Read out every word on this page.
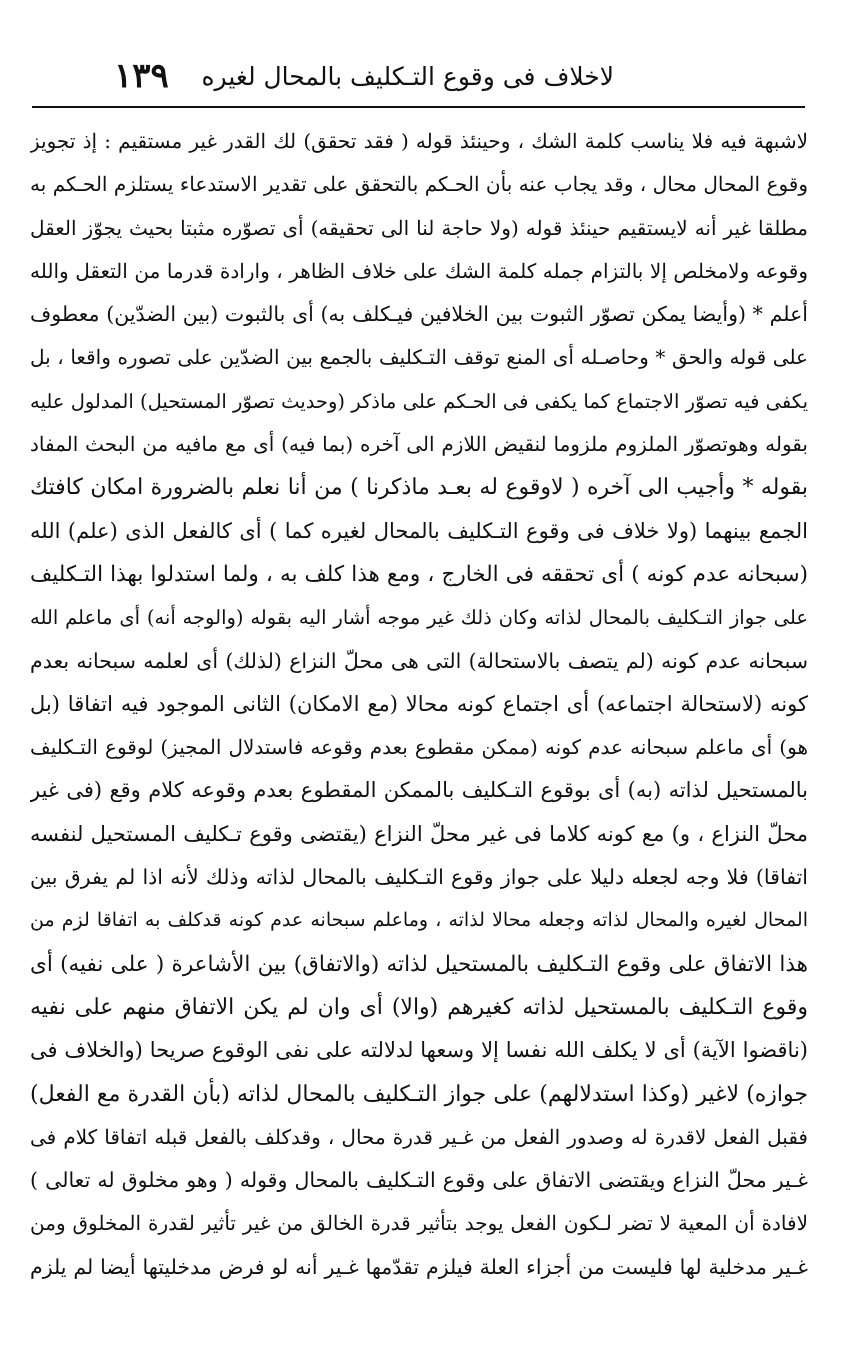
لاخلاف فى وقوع التـكليف بالمحال لغيره
١٣٩
لاشبهة فيه فلا يناسب كلمة الشك ، وحينئذ قوله ( فقد تحقق) لك القدر غير مستقيم : إذ تجويز
وقوع المحال محال ، وقد يجاب عنه بأن الحـكم بالتحقق على تقدير الاستدعاء يستلزم الحـكم به
مطلقا غير أنه لايستقيم حينئذ قوله (ولا حاجة لنا الى تحقيقه) أى تصوّره مثبتا بحيث يجوّز العقل
وقوعه ولامخلص إلا بالتزام جمله كلمة الشك على خلاف الظاهر ، وارادة قدرما من التعقل والله
أعلم * (وأيضا يمكن تصوّر الثبوت بين الخلافين فيـكلف به) أى بالثبوت (بين الضدّين) معطوف
على قوله والحق * وحاصـله أى المنع توقف التـكليف بالجمع بين الضدّين على تصوره واقعا ، بل
يكفى فيه تصوّر الاجتماع كما يكفى فى الحـكم على ماذكر (وحديث تصوّر المستحيل) المدلول عليه
بقوله وهوتصوّر الملزوم ملزوما لنقيض اللازم الى آخره (بما فيه) أى مع مافيه من البحث المفاد
بقوله * وأجيب الى آخره ( لاوقوع له بعـد ماذكرنا ) من أنا نعلم بالضرورة امكان كافتك
الجمع بينهما (ولا خلاف فى وقوع التـكليف بالمحال لغيره كما ) أى كالفعل الذى (علم) الله
(سبحانه عدم كونه ) أى تحققه فى الخارج ، ومع هذا كلف به ، ولما استدلوا بهذا التـكليف
على جواز التـكليف بالمحال لذاته وكان ذلك غير موجه أشار اليه بقوله (والوجه أنه) أى ماعلم الله
سبحانه عدم كونه (لم يتصف بالاستحالة) التى هى محلّ النزاع (لذلك) أى لعلمه سبحانه بعدم
كونه (لاستحالة اجتماعه) أى اجتماع كونه محالا (مع الامكان) الثانى الموجود فيه اتفاقا (بل
هو) أى ماعلم سبحانه عدم كونه (ممكن مقطوع بعدم وقوعه فاستدلال المجيز) لوقوع التـكليف
بالمستحيل لذاته (به) أى بوقوع التـكليف بالممكن المقطوع بعدم وقوعه كلام وقع (فى غير
محلّ النزاع ، و) مع كونه كلاما فى غير محلّ النزاع (يقتضى وقوع تـكليف المستحيل لنفسه
اتفاقا) فلا وجه لجعله دليلا على جواز وقوع التـكليف بالمحال لذاته وذلك لأنه اذا لم يفرق بين
المحال لغيره والمحال لذاته وجعله محالا لذاته ، وماعلم سبحانه عدم كونه قدكلف به اتفاقا لزم من
هذا الاتفاق على وقوع التـكليف بالمستحيل لذاته (والاتفاق) بين الأشاعرة ( على نفيه) أى
وقوع التـكليف بالمستحيل لذاته كغيرهم (والا) أى وان لم يكن الاتفاق منهم على نفيه
(ناقضوا الآية) أى لا يكلف الله نفسا إلا وسعها لدلالته على نفى الوقوع صريحا (والخلاف فى
جوازه) لاغير (وكذا استدلالهم) على جواز التـكليف بالمحال لذاته (بأن القدرة مع الفعل)
فقبل الفعل لاقدرة له وصدور الفعل من غـير قدرة محال ، وقدكلف بالفعل قبله اتفاقا كلام فى
غـير محلّ النزاع ويقتضى الاتفاق على وقوع التـكليف بالمحال وقوله ( وهو مخلوق له تعالى )
لافادة أن المعية لا تضر لـكون الفعل يوجد بتأثير قدرة الخالق من غير تأثير لقدرة المخلوق ومن
غـير مدخلية لها فليست من أجزاء العلة فيلزم تقدّمها غـير أنه لو فرض مدخليتها أيضا لم يلزم
